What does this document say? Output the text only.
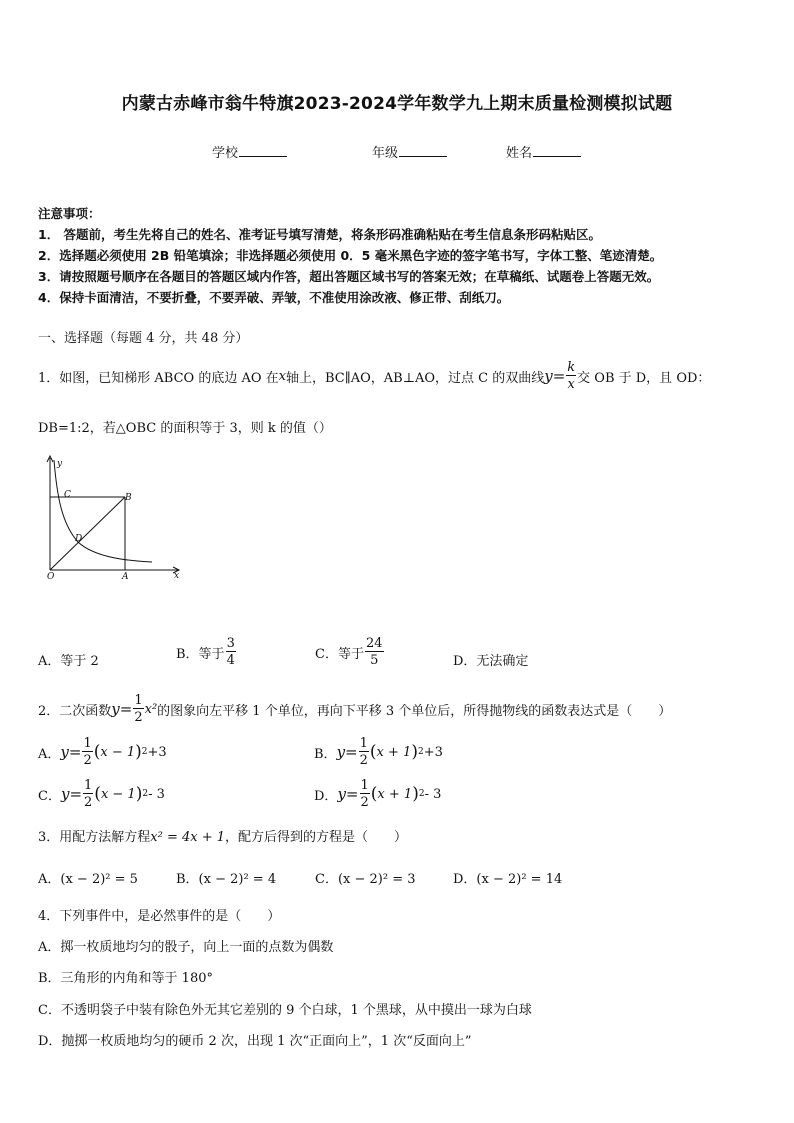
内蒙古赤峰市翁牛特旗2023-2024学年数学九上期末质量检测模拟试题
学校	年级	姓名
注意事项：
1． 答题前，考生先将自己的姓名、准考证号填写清楚，将条形码准确粘贴在考生信息条形码粘贴区。
2．选择题必须使用 2B 铅笔填涂；非选择题必须使用 0．5 毫米黑色字迹的签字笔书写，字体工整、笔迹清楚。
3．请按照题号顺序在各题目的答题区域内作答，超出答题区域书写的答案无效；在草稿纸、试题卷上答题无效。
4．保持卡面清洁，不要折叠，不要弄破、弄皱，不准使用涂改液、修正带、刮纸刀。
一、选择题（每题 4 分，共 48 分）
1．如图，已知梯形 ABCO 的底边 AO 在 x 轴上，BC∥AO，AB⊥AO，过点 C 的双曲线 $y = \frac{k}{x}$ 交 OB 于 D，且 OD：
DB=1:2，若△OBC 的面积等于 3，则 k 的值（）
y
C	B
D
O	A	x
A．等于 2	B．等于 $\frac{3}{4}$	C．等于 $\frac{24}{5}$	D．无法确定
2．二次函数 $y = \frac{1}{2} x^2$ 的图象向左平移 1 个单位，再向下平移 3 个单位后，所得抛物线的函数表达式是（　　）
A． $y = \frac{1}{2}$ ( x − 1 ) 2 +3	B． $y = \frac{1}{2}$ ( x + 1 ) 2 +3
C． $y = \frac{1}{2}$ ( x − 1 ) 2 - 3	D． $y = \frac{1}{2}$ ( x + 1 ) 2 - 3
3．用配方法解方程x² = 4x + 1，配方后得到的方程是（　　）
A．(x − 2)² = 5	B．(x − 2)² = 4	C．(x − 2)² = 3	D．(x − 2)² = 14
4．下列事件中，是必然事件的是（　　）
A．掷一枚质地均匀的骰子，向上一面的点数为偶数
B．三角形的内角和等于 180°
C．不透明袋子中装有除色外无其它差别的 9 个白球，1 个黑球，从中摸出一球为白球
D．抛掷一枚质地均匀的硬币 2 次，出现 1 次“正面向上”，1 次“反面向上”
